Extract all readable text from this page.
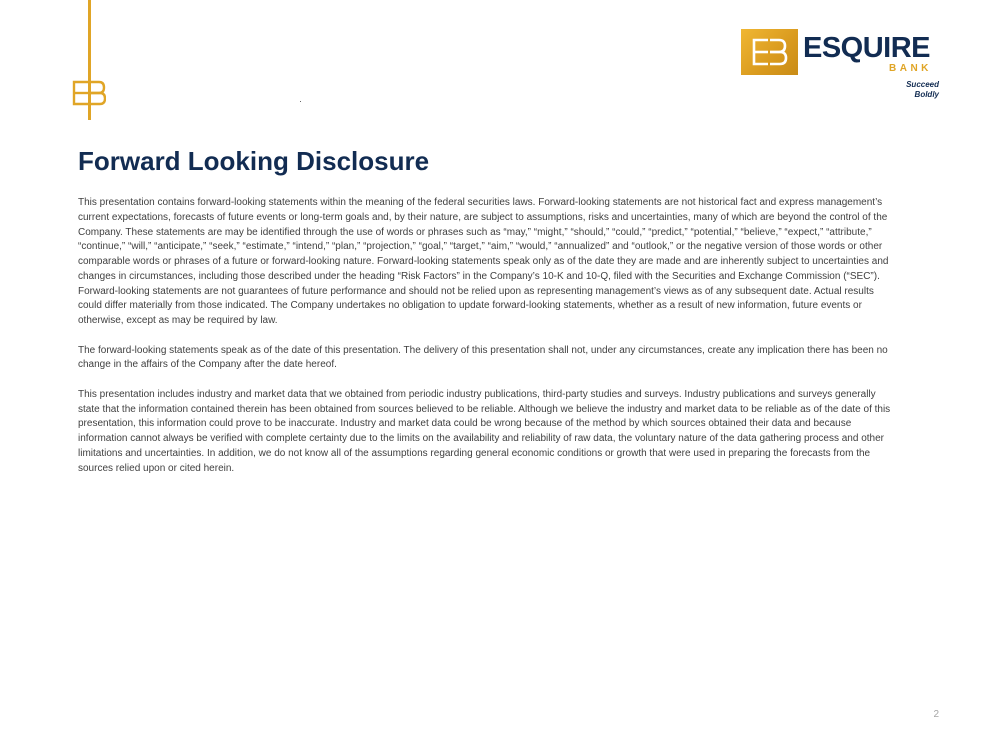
ESQUIRE
BANK
Succeed Boldly
Forward Looking Disclosure

This presentation contains forward-looking statements within the meaning of the federal securities laws. Forward-looking statements are not historical fact and express management’s current expectations, forecasts of future events or long-term goals and, by their nature, are subject to assumptions, risks and uncertainties, many of which are beyond the control of the Company. These statements are may be identified through the use of words or phrases such as “may,” “might,” “should,” “could,” “predict,” “potential,” “believe,” “expect,” “attribute,” “continue,” “will,” “anticipate,” “seek,” “estimate,” “intend,” “plan,” “projection,” “goal,” “target,” “aim,” “would,” “annualized” and “outlook,” or the negative version of those words or other comparable words or phrases of a future or forward-looking nature. Forward-looking statements speak only as of the date they are made and are inherently subject to uncertainties and changes in circumstances, including those described under the heading “Risk Factors” in the Company’s 10-K and 10-Q, filed with the Securities and Exchange Commission (“SEC”). Forward-looking statements are not guarantees of future performance and should not be relied upon as representing management’s views as of any subsequent date. Actual results could differ materially from those indicated. The Company undertakes no obligation to update forward-looking statements, whether as a result of new information, future events or otherwise, except as may be required by law.

The forward-looking statements speak as of the date of this presentation. The delivery of this presentation shall not, under any circumstances, create any implication there has been no change in the affairs of the Company after the date hereof.

This presentation includes industry and market data that we obtained from periodic industry publications, third-party studies and surveys. Industry publications and surveys generally state that the information contained therein has been obtained from sources believed to be reliable. Although we believe the industry and market data to be reliable as of the date of this presentation, this information could prove to be inaccurate. Industry and market data could be wrong because of the method by which sources obtained their data and because information cannot always be verified with complete certainty due to the limits on the availability and reliability of raw data, the voluntary nature of the data gathering process and other limitations and uncertainties. In addition, we do not know all of the assumptions regarding general economic conditions or growth that were used in preparing the forecasts from the sources relied upon or cited herein.

2
